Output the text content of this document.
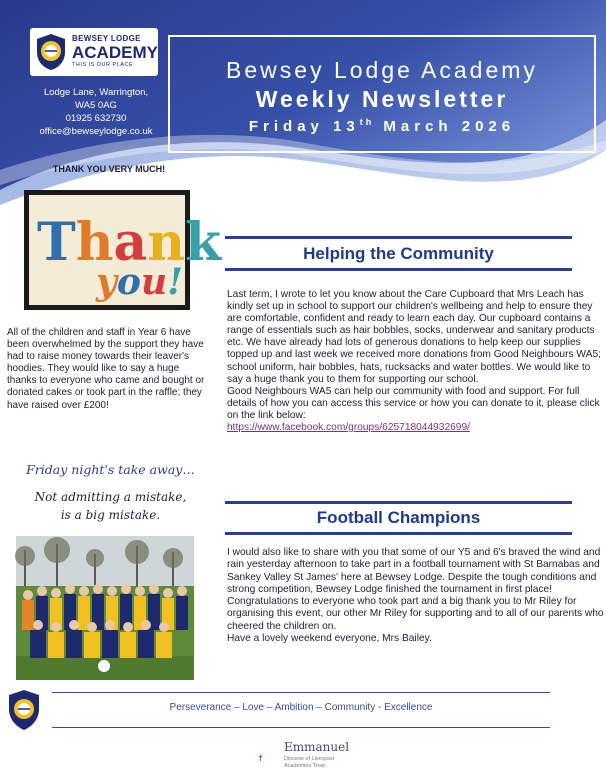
BEWSEY LODGE
ACADEMY
THIS IS OUR PLACE
Lodge Lane, Warrington,
WA5 0AG
01925 632730
office@bewseylodge.co.uk
Bewsey Lodge Academy
Weekly Newsletter
Friday 13th March 2026
THANK YOU VERY MUCH!
Thank
you!
All of the children and staff in Year 6 have been overwhelmed by the support they have had to raise money towards their leaver's hoodies. They would like to say a huge thanks to everyone who came and bought or donated cakes or took part in the raffle; they have raised over £200!
Friday night's take away…
Not admitting a mistake,
is a big mistake.
Helping the Community
Last term, I wrote to let you know about the Care Cupboard that Mrs Leach has kindly set up in school to support our children's wellbeing and help to ensure they are comfortable, confident and ready to learn each day. Our cupboard contains a range of essentials such as hair bobbles, socks, underwear and sanitary products etc. We have already had lots of generous donations to help keep our supplies topped up and last week we received more donations from Good Neighbours WA5; school uniform, hair bobbles, hats, rucksacks and water bottles. We would like to say a huge thank you to them for supporting our school.
Good Neighbours WA5 can help our community with food and support. For full details of how you can access this service or how you can donate to it, please click on the link below:
https://www.facebook.com/groups/625718044932699/
Football Champions

I would also like to share with you that some of our Y5 and 6's braved the wind and rain yesterday afternoon to take part in a football tournament with St Barnabas and Sankey Valley St James' here at Bewsey Lodge. Despite the tough conditions and strong competition, Bewsey Lodge finished the tournament in first place! Congratulations to everyone who took part and a big thank you to Mr Riley for organising this event, our other Mr Riley for supporting and to all of our parents who cheered the children on.

Have a lovely weekend everyone, Mrs Bailey.

Perseverance – Love – Ambition – Community - Excellence
Emmanuel
Diocese of Liverpool Academies Trust
